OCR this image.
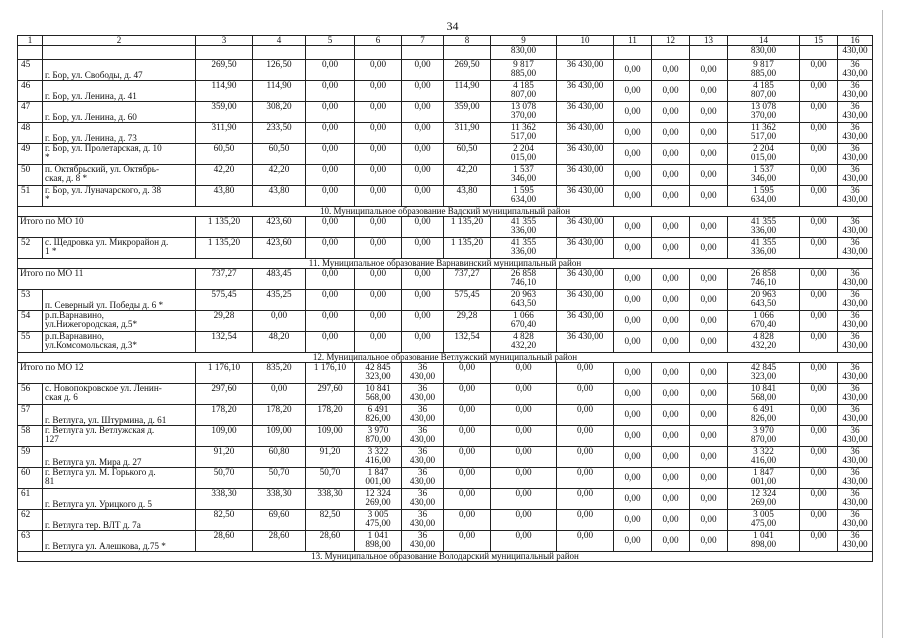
34
1	2	3	4	5	6	7	8	9	10	11	12	13	14	15	16
								830,00					830,00		430,00
45	г. Бор, ул. Свободы, д. 47	269,50	126,50	0,00	0,00	0,00	269,50	9 817
885,00	36 430,00	0,00	0,00	0,00	9 817
885,00	0,00	36
430,00
46	г. Бор, ул. Ленина, д. 41	114,90	114,90	0,00	0,00	0,00	114,90	4 185
807,00	36 430,00	0,00	0,00	0,00	4 185
807,00	0,00	36
430,00
47	г. Бор, ул. Ленина, д. 60	359,00	308,20	0,00	0,00	0,00	359,00	13 078
370,00	36 430,00	0,00	0,00	0,00	13 078
370,00	0,00	36
430,00
48	г. Бор, ул. Ленина, д. 73	311,90	233,50	0,00	0,00	0,00	311,90	11 362
517,00	36 430,00	0,00	0,00	0,00	11 362
517,00	0,00	36
430,00
49	г. Бор, ул. Пролетарская, д. 10
*	60,50	60,50	0,00	0,00	0,00	60,50	2 204
015,00	36 430,00	0,00	0,00	0,00	2 204
015,00	0,00	36
430,00
50	п. Октябрьский, ул. Октябрь-
ская, д. 8 *	42,20	42,20	0,00	0,00	0,00	42,20	1 537
346,00	36 430,00	0,00	0,00	0,00	1 537
346,00	0,00	36
430,00
51	г. Бор, ул. Луначарского, д. 38
*	43,80	43,80	0,00	0,00	0,00	43,80	1 595
634,00	36 430,00	0,00	0,00	0,00	1 595
634,00	0,00	36
430,00
10. Муниципальное образование Вадский муниципальный район															
Итого по МО 10		1 135,20	423,60	0,00	0,00	0,00	1 135,20	41 355
336,00	36 430,00	0,00	0,00	0,00	41 355
336,00	0,00	36
430,00
52	с. Щедровка ул. Микрорайон д.
1 *	1 135,20	423,60	0,00	0,00	0,00	1 135,20	41 355
336,00	36 430,00	0,00	0,00	0,00	41 355
336,00	0,00	36
430,00
11. Муниципальное образование Варнавинский муниципальный район															
Итого по МО 11		737,27	483,45	0,00	0,00	0,00	737,27	26 858
746,10	36 430,00	0,00	0,00	0,00	26 858
746,10	0,00	36
430,00
53	п. Северный ул. Победы д. 6 *	575,45	435,25	0,00	0,00	0,00	575,45	20 963
643,50	36 430,00	0,00	0,00	0,00	20 963
643,50	0,00	36
430,00
54	р.п.Варнавино,
ул.Нижегородская, д.5*	29,28	0,00	0,00	0,00	0,00	29,28	1 066
670,40	36 430,00	0,00	0,00	0,00	1 066
670,40	0,00	36
430,00
55	р.п.Варнавино,
ул.Комсомольская, д.3*	132,54	48,20	0,00	0,00	0,00	132,54	4 828
432,20	36 430,00	0,00	0,00	0,00	4 828
432,20	0,00	36
430,00
12. Муниципальное образование Ветлужский муниципальный район															
Итого по МО 12		1 176,10	835,20	1 176,10	42 845
323,00	36
430,00	0,00	0,00	0,00	0,00	0,00	0,00	42 845
323,00	0,00	36
430,00
56	с. Новопокровское ул. Ленин-
ская д. 6	297,60	0,00	297,60	10 841
568,00	36
430,00	0,00	0,00	0,00	0,00	0,00	0,00	10 841
568,00	0,00	36
430,00
57	г. Ветлуга, ул. Штурмина, д. 61	178,20	178,20	178,20	6 491
826,00	36
430,00	0,00	0,00	0,00	0,00	0,00	0,00	6 491
826,00	0,00	36
430,00
58	г. Ветлуга ул. Ветлужская д.
127	109,00	109,00	109,00	3 970
870,00	36
430,00	0,00	0,00	0,00	0,00	0,00	0,00	3 970
870,00	0,00	36
430,00
59	г. Ветлуга ул. Мира д. 27	91,20	60,80	91,20	3 322
416,00	36
430,00	0,00	0,00	0,00	0,00	0,00	0,00	3 322
416,00	0,00	36
430,00
60	г. Ветлуга ул. М. Горького д.
81	50,70	50,70	50,70	1 847
001,00	36
430,00	0,00	0,00	0,00	0,00	0,00	0,00	1 847
001,00	0,00	36
430,00
61	г. Ветлуга ул. Урицкого д. 5	338,30	338,30	338,30	12 324
269,00	36
430,00	0,00	0,00	0,00	0,00	0,00	0,00	12 324
269,00	0,00	36
430,00
62	г. Ветлуга тер. ВЛТ д. 7а	82,50	69,60	82,50	3 005
475,00	36
430,00	0,00	0,00	0,00	0,00	0,00	0,00	3 005
475,00	0,00	36
430,00
63	г. Ветлуга ул. Алешкова, д.75 *	28,60	28,60	28,60	1 041
898,00	36
430,00	0,00	0,00	0,00	0,00	0,00	0,00	1 041
898,00	0,00	36
430,00
13. Муниципальное образование Володарский муниципальный район															
